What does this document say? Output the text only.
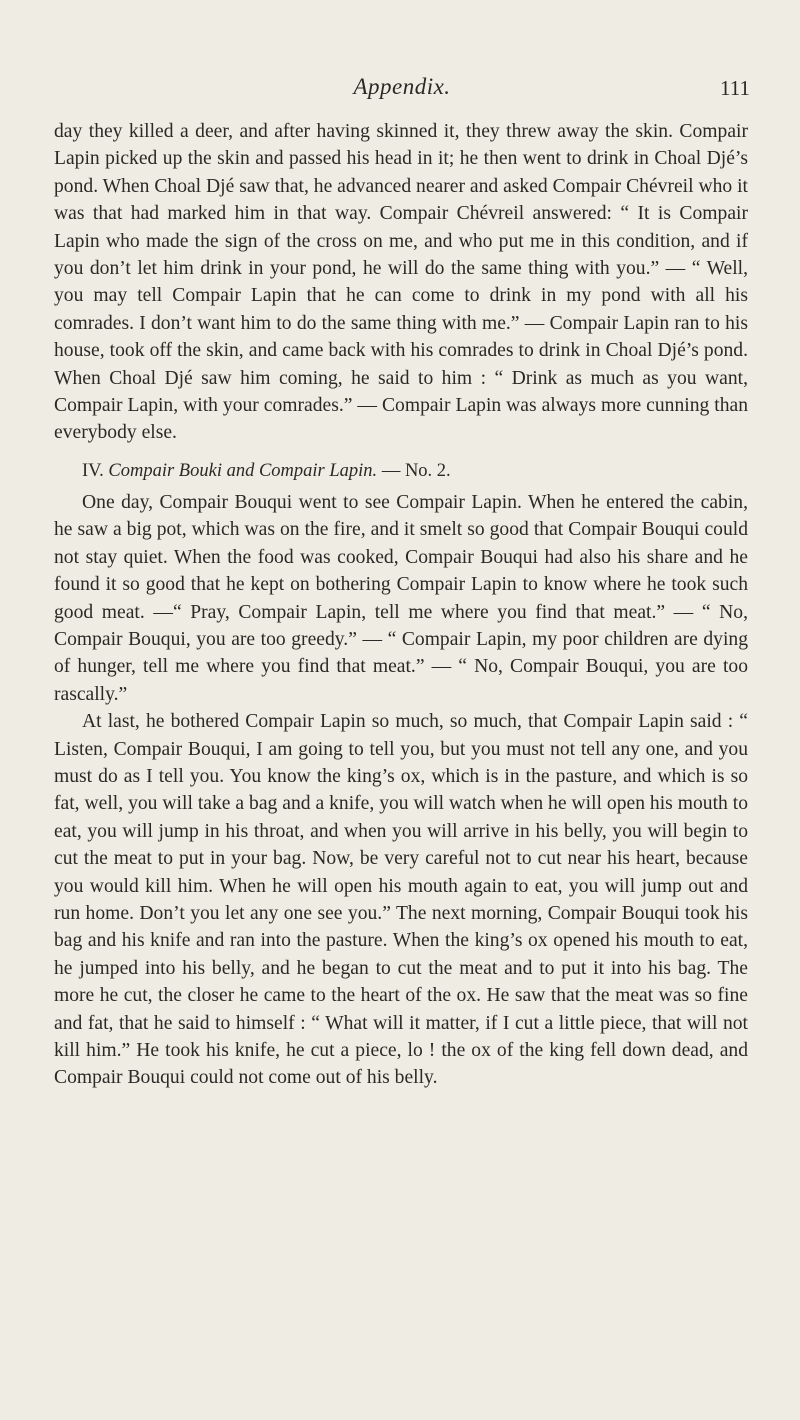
Appendix.	111

day they killed a deer, and after having skinned it, they threw away the skin. Compair Lapin picked up the skin and passed his head in it; he then went to drink in Choal Djé’s pond. When Choal Djé saw that, he advanced nearer and asked Compair Chévreil who it was that had marked him in that way. Compair Chévreil answered: “ It is Compair Lapin who made the sign of the cross on me, and who put me in this condition, and if you don’t let him drink in your pond, he will do the same thing with you.” — “ Well, you may tell Compair Lapin that he can come to drink in my pond with all his comrades. I don’t want him to do the same thing with me.” — Compair Lapin ran to his house, took off the skin, and came back with his comrades to drink in Choal Djé’s pond. When Choal Djé saw him coming, he said to him : “ Drink as much as you want, Compair Lapin, with your comrades.” — Compair Lapin was always more cunning than everybody else.

IV. Compair Bouki and Compair Lapin. — No. 2.

One day, Compair Bouqui went to see Compair Lapin. When he entered the cabin, he saw a big pot, which was on the fire, and it smelt so good that Compair Bouqui could not stay quiet. When the food was cooked, Compair Bouqui had also his share and he found it so good that he kept on bothering Compair Lapin to know where he took such good meat. —“ Pray, Compair Lapin, tell me where you find that meat.” — “ No, Compair Bouqui, you are too greedy.” — “ Compair Lapin, my poor children are dying of hunger, tell me where you find that meat.” — “ No, Compair Bouqui, you are too rascally.”

At last, he bothered Compair Lapin so much, so much, that Compair Lapin said : “ Listen, Compair Bouqui, I am going to tell you, but you must not tell any one, and you must do as I tell you. You know the king’s ox, which is in the pasture, and which is so fat, well, you will take a bag and a knife, you will watch when he will open his mouth to eat, you will jump in his throat, and when you will arrive in his belly, you will begin to cut the meat to put in your bag. Now, be very careful not to cut near his heart, because you would kill him. When he will open his mouth again to eat, you will jump out and run home. Don’t you let any one see you.” The next morning, Compair Bouqui took his bag and his knife and ran into the pasture. When the king’s ox opened his mouth to eat, he jumped into his belly, and he began to cut the meat and to put it into his bag. The more he cut, the closer he came to the heart of the ox. He saw that the meat was so fine and fat, that he said to himself : “ What will it matter, if I cut a little piece, that will not kill him.” He took his knife, he cut a piece, lo ! the ox of the king fell down dead, and Compair Bouqui could not come out of his belly.
